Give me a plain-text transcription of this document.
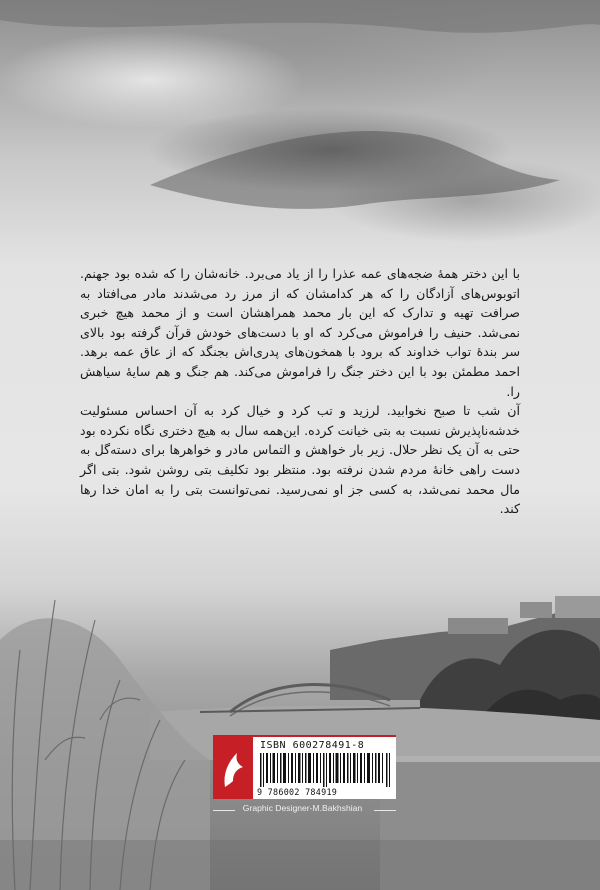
با این دختر همهٔ ضجه‌های عمه عذرا را از یاد می‌برد. خانه‌شان را که شده بود جهنم. اتوبوس‌های آزادگان را که هر کدامشان که از مرز رد می‌شدند مادر می‌افتاد به صرافت تهیه و تدارک که این بار محمد همراهشان است و از محمد هیچ خبری نمی‌شد. حنیف را فراموش می‌کرد که او با دست‌های خودش قرآن گرفته بود بالای سر بندهٔ تواب خداوند که برود با همخون‌های پدری‌اش بجنگد که از عاق عمه برهد. احمد مطمئن بود با این دختر جنگ را فراموش می‌کند. هم جنگ و هم سایهٔ سیاهش را.

آن شب تا صبح نخوابید. لرزید و تب کرد و خیال کرد به آن احساس مسئولیت خدشه‌ناپذیرش نسبت به بتی خیانت کرده. این‌همه سال به هیچ دختری نگاه نکرده بود حتی به آن یک نظر حلال. زیر بار خواهش و التماس مادر و خواهرها برای دسته‌گل به دست راهی خانهٔ مردم شدن نرفته بود. منتظر بود تکلیف بتی روشن شود. بتی اگر مال محمد نمی‌شد، به کسی جز او نمی‌رسید. نمی‌توانست بتی را به امان خدا رها کند.

ISBN 600278491-8
9 786002 784919
Graphic Designer-M.Bakhshian
